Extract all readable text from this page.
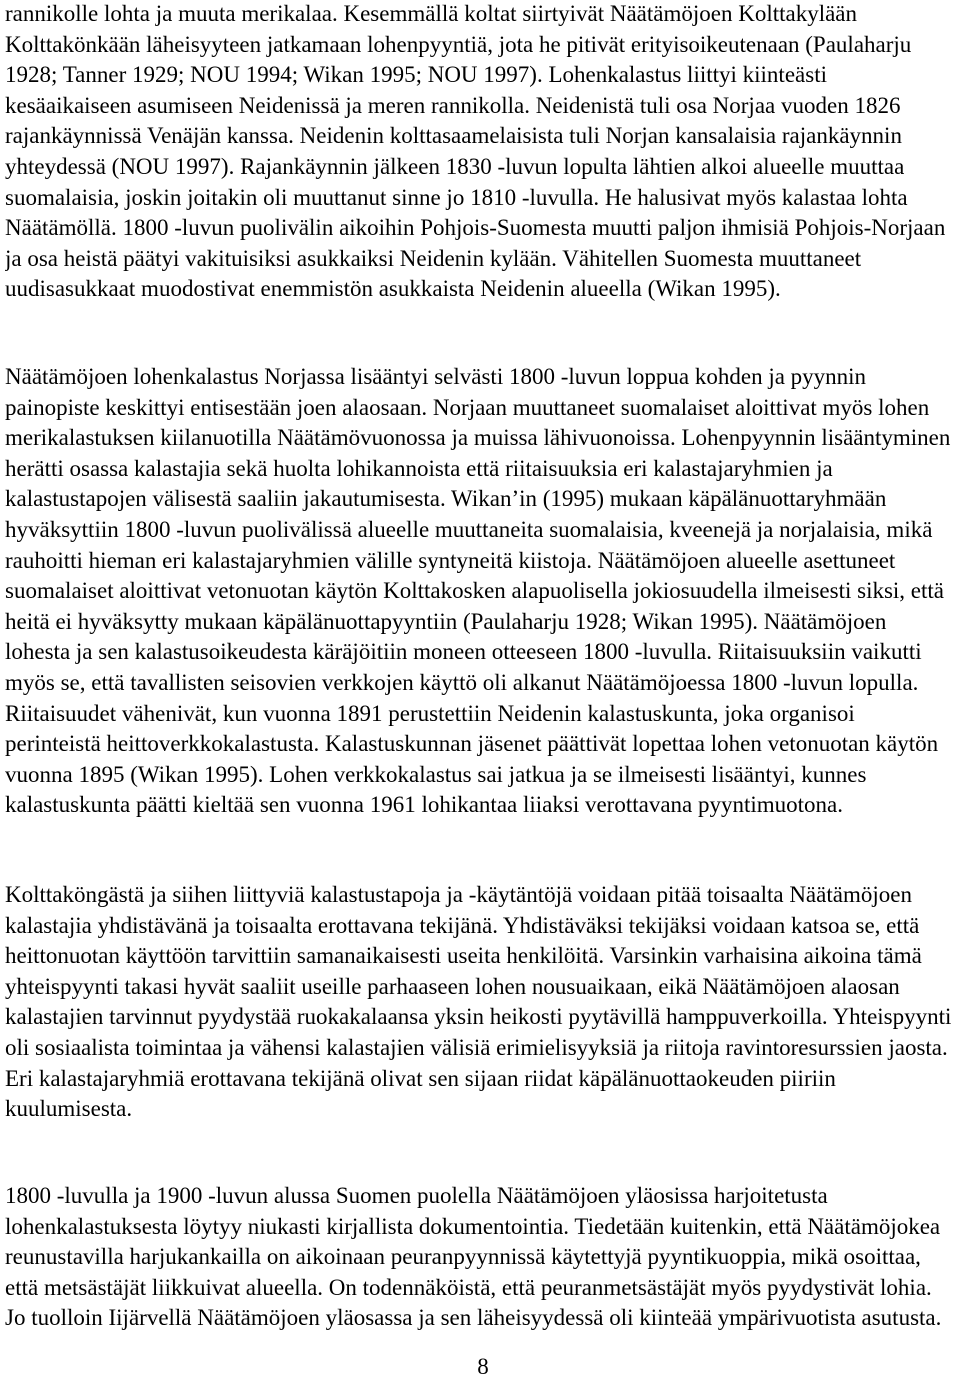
rannikolle lohta ja muuta merikalaa. Kesemmällä koltat siirtyivät Näätämöjoen Kolttakylään
Kolttakönkään läheisyyteen jatkamaan lohenpyyntiä, jota he pitivät erityisoikeutenaan (Paulaharju
1928; Tanner 1929; NOU 1994; Wikan 1995; NOU 1997). Lohenkalastus liittyi kiinteästi
kesäaikaiseen asumiseen Neidenissä ja meren rannikolla. Neidenistä tuli osa Norjaa vuoden 1826
rajankäynnissä Venäjän kanssa. Neidenin kolttasaamelaisista tuli Norjan kansalaisia rajankäynnin
yhteydessä (NOU 1997). Rajankäynnin jälkeen 1830 -luvun lopulta lähtien alkoi alueelle muuttaa
suomalaisia, joskin joitakin oli muuttanut sinne jo 1810 -luvulla. He halusivat myös kalastaa lohta
Näätämöllä. 1800 -luvun puolivälin aikoihin Pohjois-Suomesta muutti paljon ihmisiä Pohjois-Norjaan
ja osa heistä päätyi vakituisiksi asukkaiksi Neidenin kylään. Vähitellen Suomesta muuttaneet
uudisasukkaat muodostivat enemmistön asukkaista Neidenin alueella (Wikan 1995).
Näätämöjoen lohenkalastus Norjassa lisääntyi selvästi 1800 -luvun loppua kohden ja pyynnin
painopiste keskittyi entisestään joen alaosaan. Norjaan muuttaneet suomalaiset aloittivat myös lohen
merikalastuksen kiilanuotilla Näätämövuonossa ja muissa lähivuonoissa. Lohenpyynnin lisääntyminen
herätti osassa kalastajia sekä huolta lohikannoista että riitaisuuksia eri kalastajaryhmien ja
kalastustapojen välisestä saaliin jakautumisesta. Wikan’in (1995) mukaan käpälänuottaryhmään
hyväksyttiin 1800 -luvun puolivälissä alueelle muuttaneita suomalaisia, kveenejä ja norjalaisia, mikä
rauhoitti hieman eri kalastajaryhmien välille syntyneitä kiistoja. Näätämöjoen alueelle asettuneet
suomalaiset aloittivat vetonuotan käytön Kolttakosken alapuolisella jokiosuudella ilmeisesti siksi, että
heitä ei hyväksytty mukaan käpälänuottapyyntiin (Paulaharju 1928; Wikan 1995). Näätämöjoen
lohesta ja sen kalastusoikeudesta käräjöitiin moneen otteeseen 1800 -luvulla. Riitaisuuksiin vaikutti
myös se, että tavallisten seisovien verkkojen käyttö oli alkanut Näätämöjoessa 1800 -luvun lopulla.
Riitaisuudet vähenivät, kun vuonna 1891 perustettiin Neidenin kalastuskunta, joka organisoi
perinteistä heittoverkkokalastusta. Kalastuskunnan jäsenet päättivät lopettaa lohen vetonuotan käytön
vuonna 1895 (Wikan 1995). Lohen verkkokalastus sai jatkua ja se ilmeisesti lisääntyi, kunnes
kalastuskunta päätti kieltää sen vuonna 1961 lohikantaa liiaksi verottavana pyyntimuotona.
Kolttaköngästä ja siihen liittyviä kalastustapoja ja -käytäntöjä voidaan pitää toisaalta Näätämöjoen
kalastajia yhdistävänä ja toisaalta erottavana tekijänä. Yhdistäväksi tekijäksi voidaan katsoa se, että
heittonuotan käyttöön tarvittiin samanaikaisesti useita henkilöitä. Varsinkin varhaisina aikoina tämä
yhteispyynti takasi hyvät saaliit useille parhaaseen lohen nousuaikaan, eikä Näätämöjoen alaosan
kalastajien tarvinnut pyydystää ruokakalaansa yksin heikosti pyytävillä hamppuverkoilla. Yhteispyynti
oli sosiaalista toimintaa ja vähensi kalastajien välisiä erimielisyyksiä ja riitoja ravintoresurssien jaosta.
Eri kalastajaryhmiä erottavana tekijänä olivat sen sijaan riidat käpälänuottaokeuden piiriin
kuulumisesta.
1800 -luvulla ja 1900 -luvun alussa Suomen puolella Näätämöjoen yläosissa harjoitetusta
lohenkalastuksesta löytyy niukasti kirjallista dokumentointia. Tiedetään kuitenkin, että Näätämöjokea
reunustavilla harjukankailla on aikoinaan peuranpyynnissä käytettyjä pyyntikuoppia, mikä osoittaa,
että metsästäjät liikkuivat alueella. On todennäköistä, että peuranmetsästäjät myös pyydystivät lohia.
Jo tuolloin Iijärvellä Näätämöjoen yläosassa ja sen läheisyydessä oli kiinteää ympärivuotista asutusta.
8
